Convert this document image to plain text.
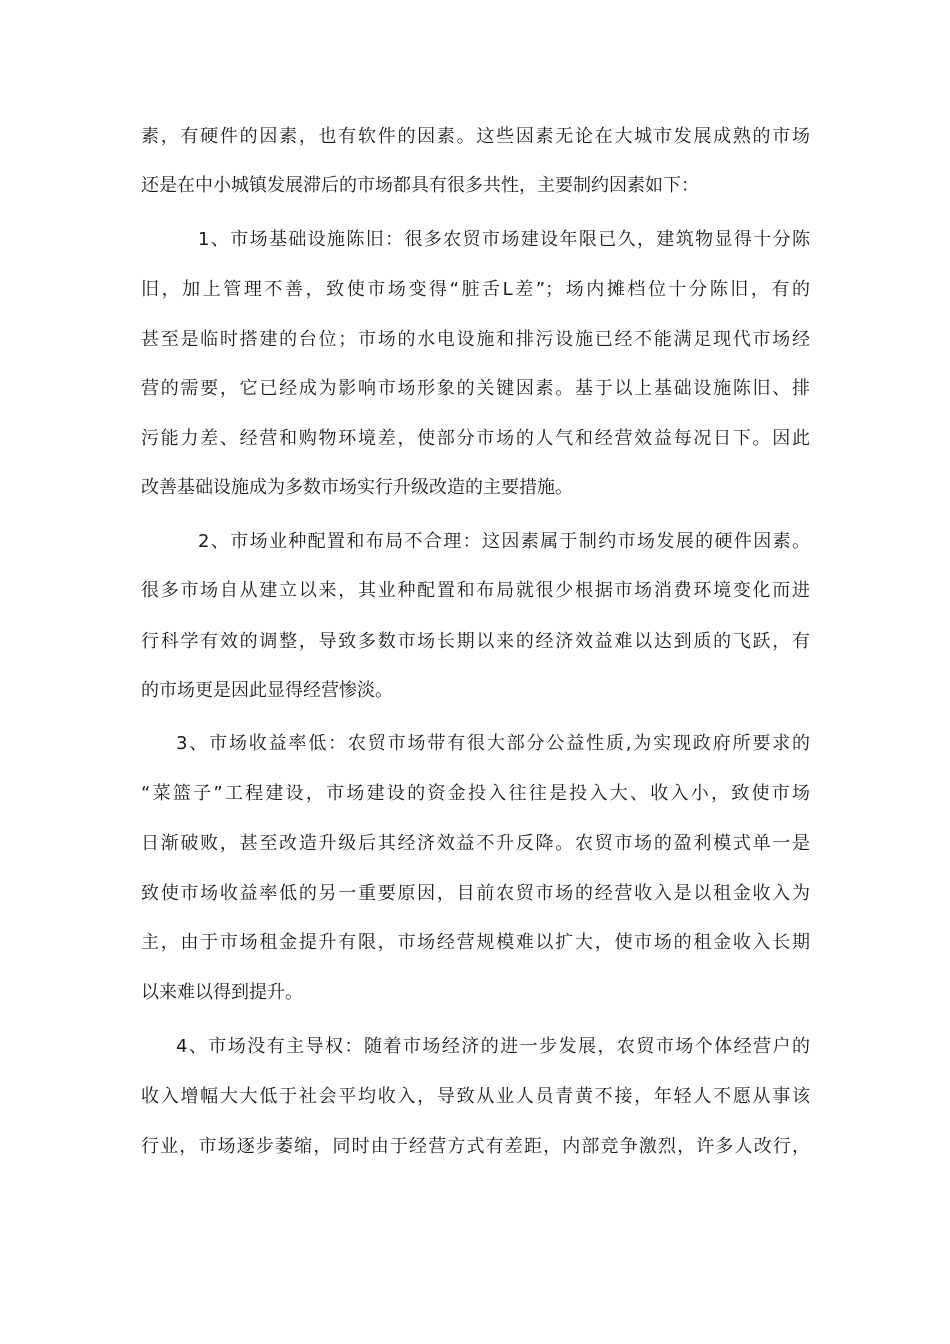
素，有硬件的因素，也有软件的因素。这些因素无论在大城市发展成熟的市场
还是在中小城镇发展滞后的市场都具有很多共性，主要制约因素如下：
1、市场基础设施陈旧：很多农贸市场建设年限已久，建筑物显得十分陈
旧，加上管理不善，致使市场变得“脏舌L差”；场内摊档位十分陈旧，有的
甚至是临时搭建的台位；市场的水电设施和排污设施已经不能满足现代市场经
营的需要，它已经成为影响市场形象的关键因素。基于以上基础设施陈旧、排
污能力差、经营和购物环境差，使部分市场的人气和经营效益每况日下。因此
改善基础设施成为多数市场实行升级改造的主要措施。
2、市场业种配置和布局不合理：这因素属于制约市场发展的硬件因素。
很多市场自从建立以来，其业种配置和布局就很少根据市场消费环境变化而进
行科学有效的调整，导致多数市场长期以来的经济效益难以达到质的飞跃，有
的市场更是因此显得经营惨淡。
3、市场收益率低：农贸市场带有很大部分公益性质,为实现政府所要求的
“菜篮子”工程建设，市场建设的资金投入往往是投入大、收入小，致使市场
日渐破败，甚至改造升级后其经济效益不升反降。农贸市场的盈利模式单一是
致使市场收益率低的另一重要原因，目前农贸市场的经营收入是以租金收入为
主，由于市场租金提升有限，市场经营规模难以扩大，使市场的租金收入长期
以来难以得到提升。
4、市场没有主导权：随着市场经济的进一步发展，农贸市场个体经营户的
收入增幅大大低于社会平均收入，导致从业人员青黄不接，年轻人不愿从事该
行业，市场逐步萎缩，同时由于经营方式有差距，内部竞争激烈，许多人改行，
